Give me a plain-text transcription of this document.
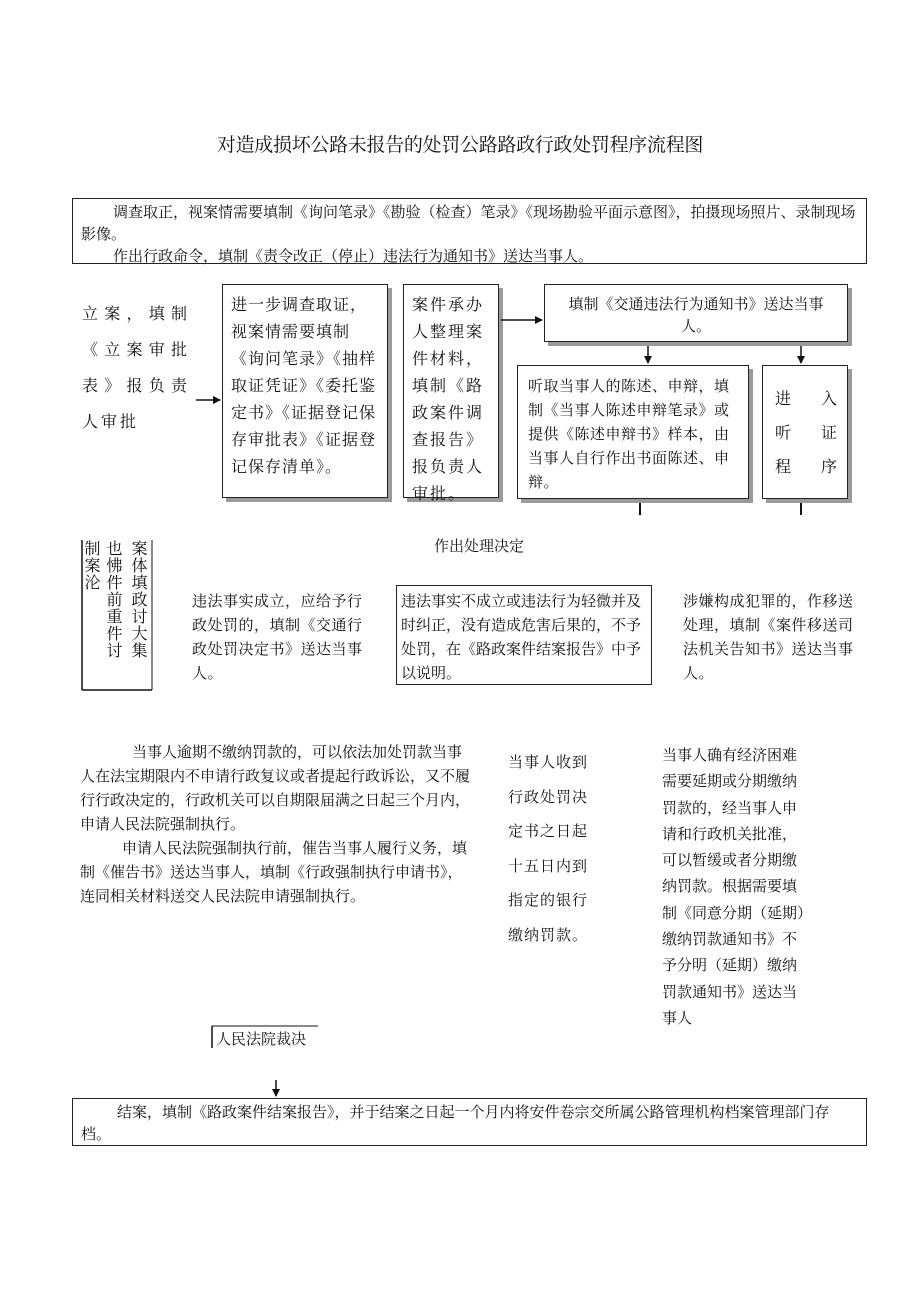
对造成损坏公路未报告的处罚公路路政行政处罚程序流程图

调查取正，视案情需要填制《询问笔录》《勘验（检查）笔录》《现场勘验平面示意图》，拍摄现场照片、录制现场影像。

作出行政命令，填制《责令改正（停止）违法行为通知书》送达当事人。

立案，填制《立案审批表》报负责人审批
进一步调查取证，视案情需要填制《询问笔录》《抽样取证凭证》《委托鉴定书》《证据登记保存审批表》《证据登记保存清单》。
案件承办人整理案件材料，填制《路政案件调查报告》报负责人审批。
填制《交通违法行为通知书》送达当事人。
听取当事人的陈述、申辩，填制《当事人陈述申辩笔录》或提供《陈述申辩书》样本，由当事人自行作出书面陈述、申辩。
进 入
听 证
程 序
案体填政讨大集
也怫件前重件讨
制案沦	作出处理决定
违法事实成立，应给予行政处罚的，填制《交通行政处罚决定书》送达当事人。
违法事实不成立或违法行为轻微并及时纠正，没有造成危害后果的，不予处罚，在《路政案件结案报告》中予以说明。
涉嫌构成犯罪的，作移送处理，填制《案件移送司法机关告知书》送达当事人。

当事人逾期不缴纳罚款的，可以依法加处罚款当事人在法宝期限内不申请行政复议或者提起行政诉讼，又不履行行政决定的，行政机关可以自期限届满之日起三个月内，申请人民法院强制执行。

申请人民法院强制执行前，催告当事人履行义务，填制《催告书》送达当事人，填制《行政强制执行申请书》，连同相关材料送交人民法院申请强制执行。

当事人收到
行政处罚决
定书之日起
十五日内到
指定的银行
缴纳罚款。
当事人确有经济困难
需要延期或分期缴纳
罚款的，经当事人申
请和行政机关批准，
可以暂缓或者分期缴
纳罚款。根据需要填
制《同意分期（延期）
缴纳罚款通知书》不
予分明（延期）缴纳
罚款通知书》送达当
事人
人民法院裁决

结案，填制《路政案件结案报告》，并于结案之日起一个月内将安件卷宗交所属公路管理机构档案管理部门存档。
